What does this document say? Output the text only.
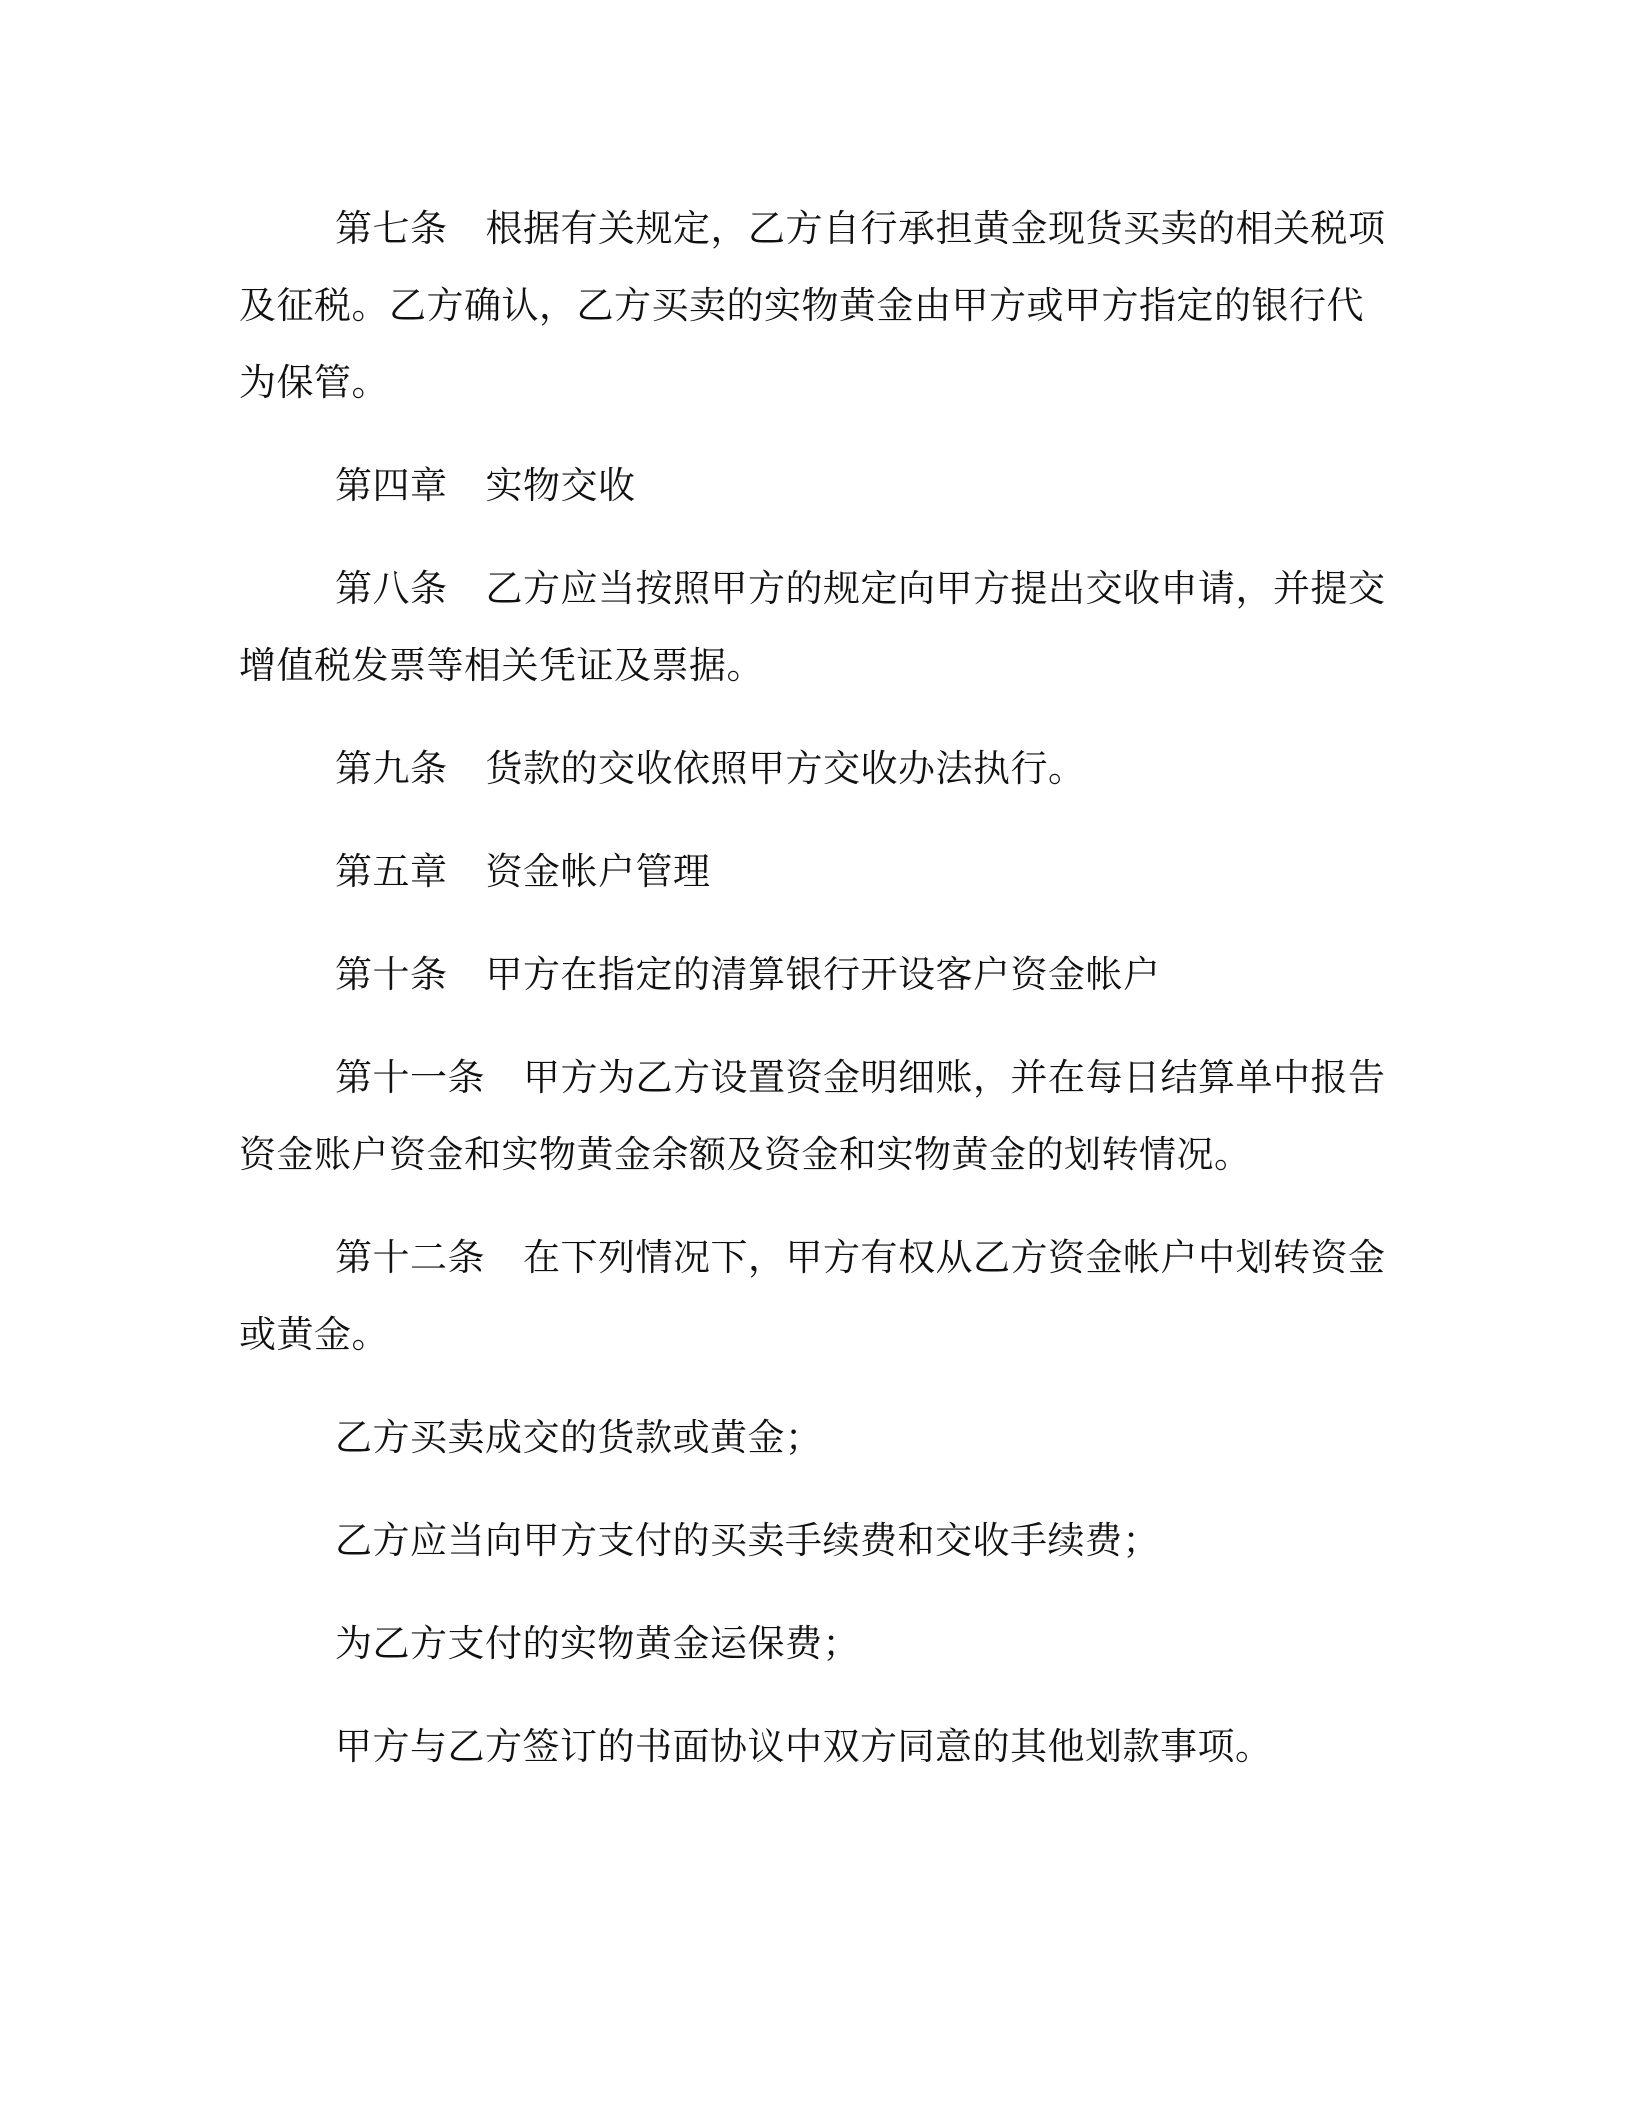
第七条 根据有关规定，乙方自行承担黄金现货买卖的相关税项及征税。乙方确认，乙方买卖的实物黄金由甲方或甲方指定的银行代为保管。

第四章 实物交收

第八条 乙方应当按照甲方的规定向甲方提出交收申请，并提交增值税发票等相关凭证及票据。

第九条 货款的交收依照甲方交收办法执行。

第五章 资金帐户管理

第十条 甲方在指定的清算银行开设客户资金帐户

第十一条 甲方为乙方设置资金明细账，并在每日结算单中报告资金账户资金和实物黄金余额及资金和实物黄金的划转情况。

第十二条 在下列情况下，甲方有权从乙方资金帐户中划转资金或黄金。

乙方买卖成交的货款或黄金；

乙方应当向甲方支付的买卖手续费和交收手续费；

为乙方支付的实物黄金运保费；

甲方与乙方签订的书面协议中双方同意的其他划款事项。
